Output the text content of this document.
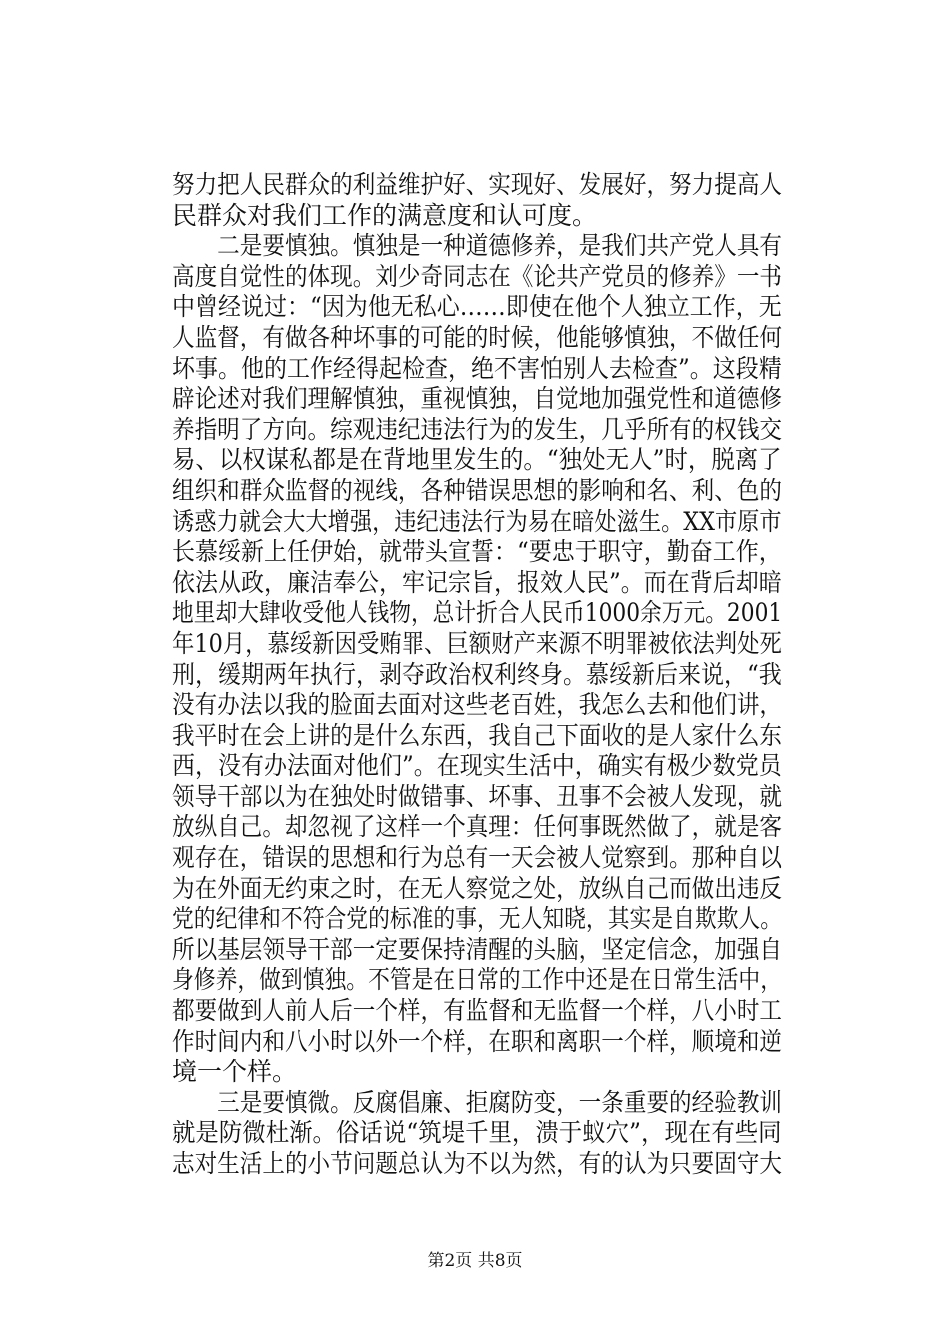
努力把人民群众的利益维护好、实现好、发展好，努力提高人
民群众对我们工作的满意度和认可度。
　　二是要慎独。慎独是一种道德修养，是我们共产党人具有
高度自觉性的体现。刘少奇同志在《论共产党员的修养》一书
中曾经说过：“因为他无私心……即使在他个人独立工作，无
人监督，有做各种坏事的可能的时候，他能够慎独，不做任何
坏事。他的工作经得起检查，绝不害怕别人去检查”。这段精
辟论述对我们理解慎独，重视慎独，自觉地加强党性和道德修
养指明了方向。综观违纪违法行为的发生，几乎所有的权钱交
易、以权谋私都是在背地里发生的。“独处无人”时，脱离了
组织和群众监督的视线，各种错误思想的影响和名、利、色的
诱惑力就会大大增强，违纪违法行为易在暗处滋生。XX市原市
长慕绥新上任伊始，就带头宣誓：“要忠于职守，勤奋工作，
依法从政，廉洁奉公，牢记宗旨，报效人民”。而在背后却暗
地里却大肆收受他人钱物，总计折合人民币1000余万元。2001
年10月，慕绥新因受贿罪、巨额财产来源不明罪被依法判处死
刑，缓期两年执行，剥夺政治权利终身。慕绥新后来说，“我
没有办法以我的脸面去面对这些老百姓，我怎么去和他们讲，
我平时在会上讲的是什么东西，我自己下面收的是人家什么东
西，没有办法面对他们”。在现实生活中，确实有极少数党员
领导干部以为在独处时做错事、坏事、丑事不会被人发现，就
放纵自己。却忽视了这样一个真理：任何事既然做了，就是客
观存在，错误的思想和行为总有一天会被人觉察到。那种自以
为在外面无约束之时，在无人察觉之处，放纵自己而做出违反
党的纪律和不符合党的标准的事，无人知晓，其实是自欺欺人。
所以基层领导干部一定要保持清醒的头脑，坚定信念，加强自
身修养，做到慎独。不管是在日常的工作中还是在日常生活中，
都要做到人前人后一个样，有监督和无监督一个样，八小时工
作时间内和八小时以外一个样，在职和离职一个样，顺境和逆
境一个样。
　　三是要慎微。反腐倡廉、拒腐防变，一条重要的经验教训
就是防微杜渐。俗话说“筑堤千里，溃于蚁穴”，现在有些同
志对生活上的小节问题总认为不以为然，有的认为只要固守大
第2页 共8页
